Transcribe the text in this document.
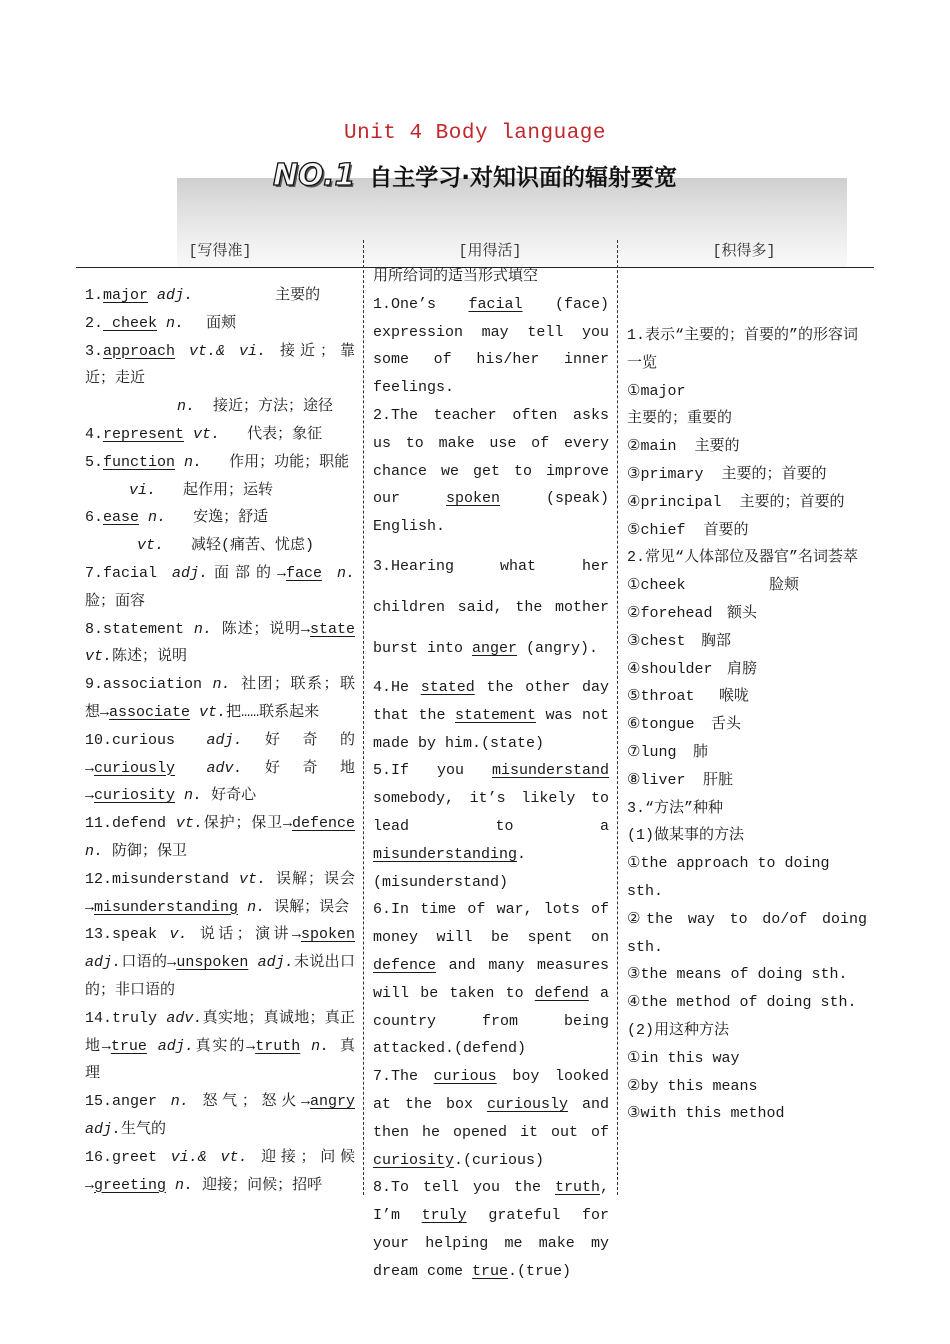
Unit 4 Body language
NO.1 自主学习·对知识面的辐射要宽
[写得准]	[用得活]	[积得多]
1.major adj.	主要的
2. cheek n. 面颊
3.approach vt.& vi. 接近；靠
近；走近
n. 接近；方法；途径
4.represent vt. 代表；象征
5.function n. 作用；功能；职能
vi. 起作用；运转
6.ease n. 安逸；舒适
vt. 减轻(痛苦、忧虑)
7.facial adj.面部的→face n. 脸；面容
8.statement n. 陈述；说明→state vt.陈述；说明
9.association n. 社团；联系；联想→associate vt.把……联系起来
10.curious adj.好奇的→curiously adv.好奇地→curiosity n. 好奇心
11.defend vt.保护；保卫→defence n. 防御；保卫
12.misunderstand vt. 误解；误会→misunderstanding n. 误解；误会
13.speak v. 说话；演讲→spoken adj.口语的→unspoken adj.未说出口的；非口语的
14.truly adv.真实地；真诚地；真正地→true adj.真实的→truth n. 真理
15.anger n. 怒气；怒火→angry adj.生气的
16.greet vi.& vt. 迎接；问候→greeting n. 迎接；问候；招呼
用所给词的适当形式填空
1.One’s facial (face) expression may tell you some of his/her inner feelings.
2.The teacher often asks us to make use of every chance we get to improve our spoken (speak) English.
3.Hearing what her children said, the mother burst into anger (angry).
4.He stated the other day that the statement was not made by him.(state)
5.If you misunderstand somebody, it’s likely to lead to a misunderstanding.(misunderstand)
6.In time of war, lots of money will be spent on defence and many measures will be taken to defend a country from being attacked.(defend)
7.The curious boy looked at the box curiously and then he opened it out of curiosity.(curious)
8.To tell you the truth, I’m truly grateful for your helping me make my dream come true.(true)
1.表示“主要的；首要的”的形容词一览
①major
主要的；重要的
②main 主要的
③primary 主要的；首要的
④principal 主要的；首要的
⑤chief 首要的
2.常见“人体部位及器官”名词荟萃
①cheek	脸颊
②forehead 额头
③chest 胸部
④shoulder 肩膀
⑤throat 喉咙
⑥tongue 舌头
⑦lung 肺
⑧liver 肝脏
3.“方法”种种
(1)做某事的方法
①the approach to doing sth.
②the way to do/of doing sth.
③the means of doing sth.
④the method of doing sth.
(2)用这种方法
①in this way
②by this means
③with this method
